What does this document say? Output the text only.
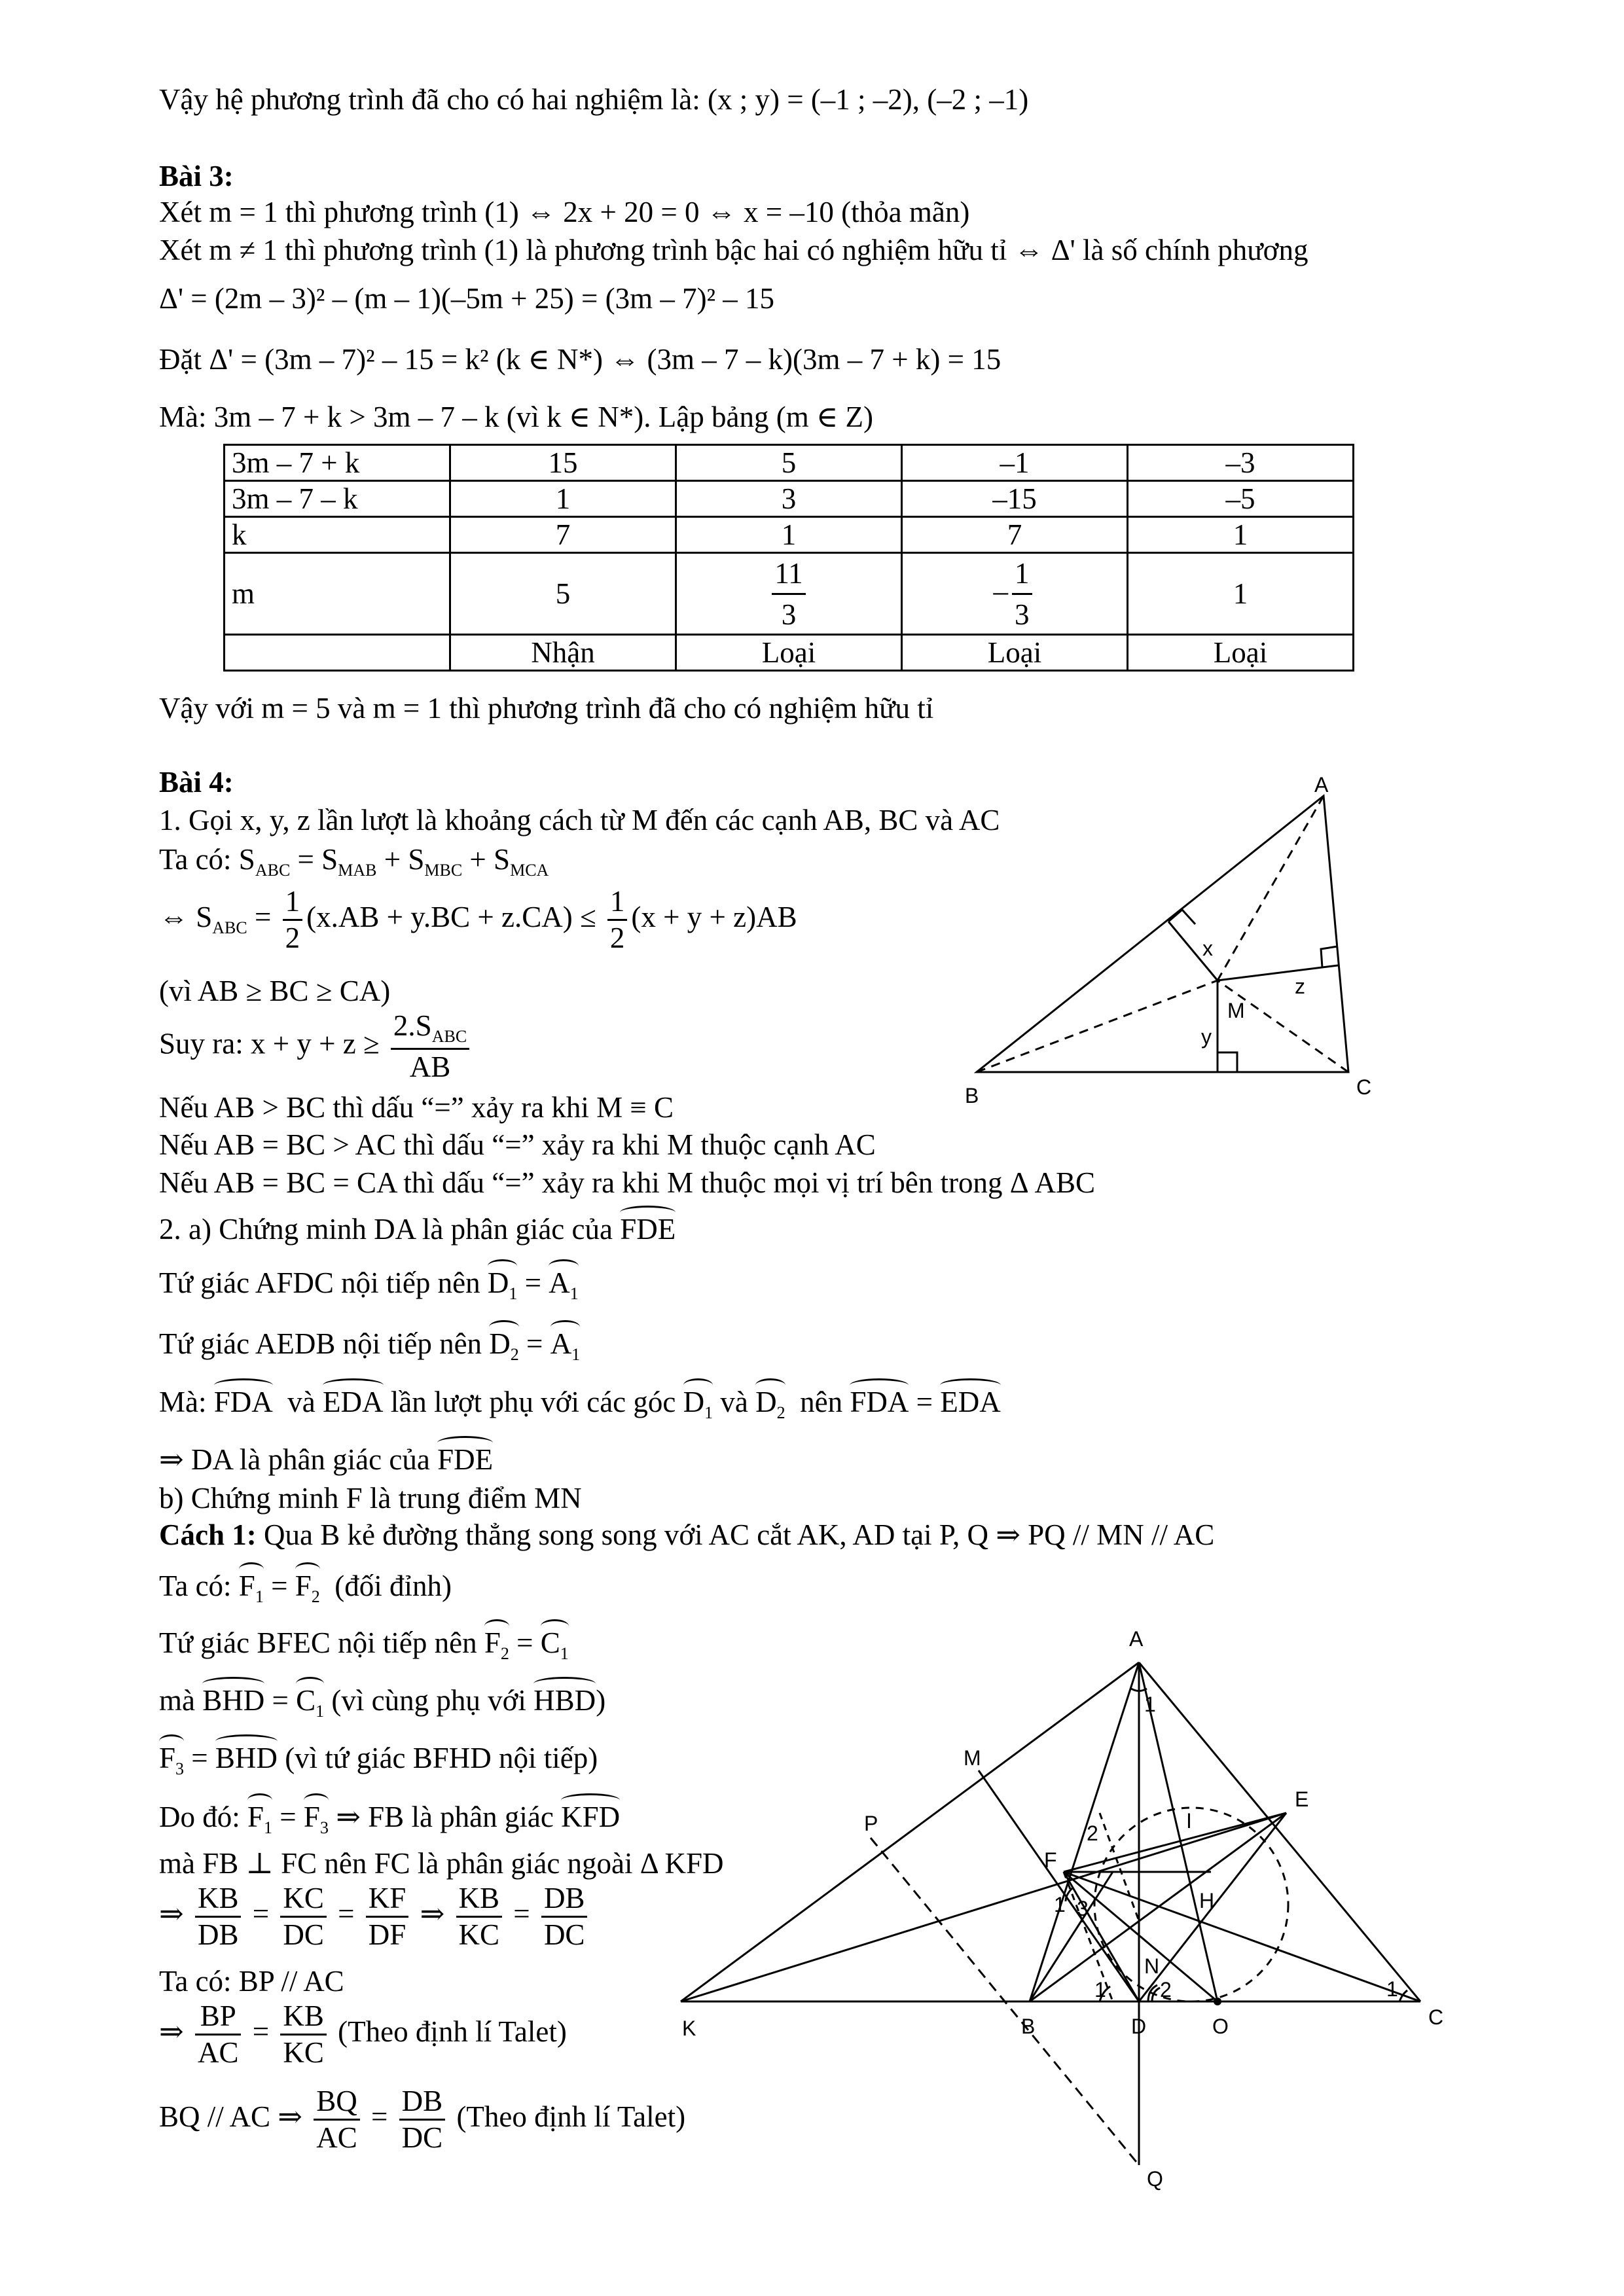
Vậy hệ phương trình đã cho có hai nghiệm là: (x ; y) = (–1 ; –2), (–2 ; –1)
Bài 3:
Xét m = 1 thì phương trình (1) ⇔ 2x + 20 = 0 ⇔ x = –10 (thỏa mãn)
Xét m ≠ 1 thì phương trình (1) là phương trình bậc hai có nghiệm hữu tỉ ⇔ Δ' là số chính phương
Δ' = (2m – 3)² – (m – 1)(–5m + 25) = (3m – 7)² – 15
Đặt Δ' = (3m – 7)² – 15 = k² (k ∈ N*) ⇔ (3m – 7 – k)(3m – 7 + k) = 15
Mà: 3m – 7 + k > 3m – 7 – k (vì k ∈ N*). Lập bảng (m ∈ Z)
3m – 7 + k	15	5	–1	–3
3m – 7 – k	1	3	–15	–5
k	7	1	7	1
m	5	$\frac{11}{3}$	– $\frac{1}{3}$	1
	Nhận	Loại	Loại	Loại
Vậy với m = 5 và m = 1 thì phương trình đã cho có nghiệm hữu tỉ
Bài 4:
1. Gọi x, y, z lần lượt là khoảng cách từ M đến các cạnh AB, BC và AC
Ta có: $S_{ABC} = S_{MAB} + S_{MBC} + S_{MCA}$
⇔ $S_{ABC} = \frac{1}{2} (x.AB + y.BC + z.CA) \le \frac{1}{2} (x + y + z)AB$
(vì AB ≥ BC ≥ CA)
Suy ra: $x + y + z \ge \frac{2.S_{ABC}}{AB}$
Nếu AB > BC thì dấu “=” xảy ra khi M ≡ C
Nếu AB = BC > AC thì dấu “=” xảy ra khi M thuộc cạnh AC
Nếu AB = BC = CA thì dấu “=” xảy ra khi M thuộc mọi vị trí bên trong Δ ABC
2. a) Chứng minh DA là phân giác của FDE
Tứ giác AFDC nội tiếp nên $D_1 = A_1$
Tứ giác AEDB nội tiếp nên $D_2 = A_1$
Mà: FDA và EDA lần lượt phụ với các góc $D_1$ và $D_2$ nên FDA = EDA
⇒ DA là phân giác của FDE
b) Chứng minh F là trung điểm MN
Cách 1: Qua B kẻ đường thẳng song song với AC cắt AK, AD tại P, Q ⇒ PQ // MN // AC
Ta có: $F_1 = F_2$ (đối đỉnh)
Tứ giác BFEC nội tiếp nên $F_2 = C_1$
mà BHD = $C_1$ (vì cùng phụ với HBD)
$F_3$ = BHD (vì tứ giác BFHD nội tiếp)
Do đó: $F_1 = F_3$ ⇒ FB là phân giác KFD
mà FB ⊥ FC nên FC là phân giác ngoài Δ KFD
⇒ $\frac{KB}{DB} = \frac{KC}{DC} = \frac{KF}{DF}$ ⇒ $\frac{KB}{KC} = \frac{DB}{DC}$
Ta có: BP // AC
⇒ $\frac{BP}{AC} = \frac{KB}{KC}$ (Theo định lí Talet)
BQ // AC ⇒ $\frac{BQ}{AC} = \frac{DB}{DC}$ (Theo định lí Talet)
A
B	C
M
x
y
z
A
K	B	D	O	C
E
F
H
I
M
N
P
Q
1
1
1
2
3
1	2
